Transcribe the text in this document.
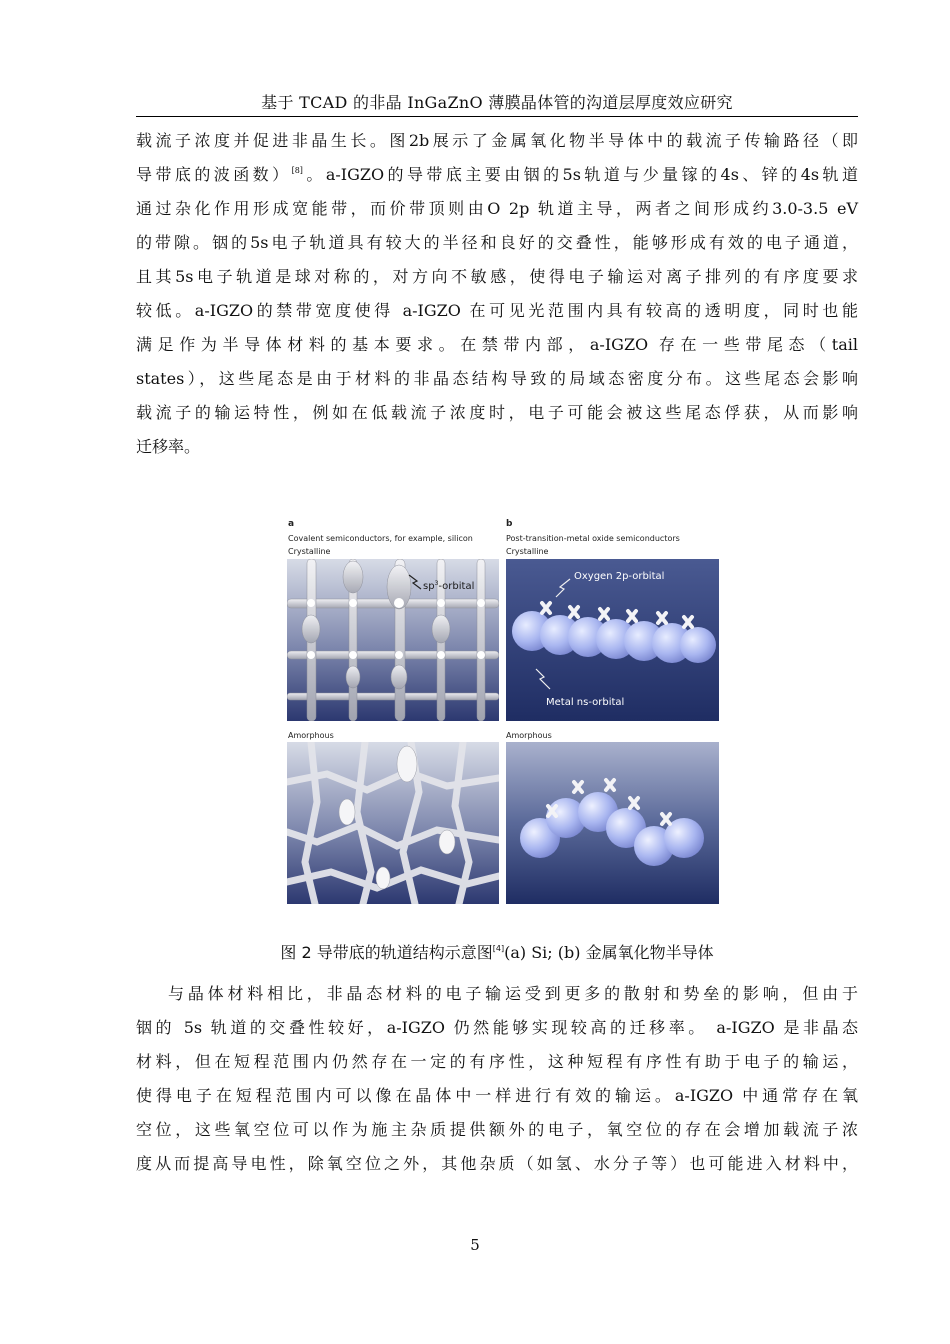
基于 TCAD 的非晶 InGaZnO 薄膜晶体管的沟道层厚度效应研究
载流子浓度并促进非晶生长。图2b展示了金属氧化物半导体中的载流子传输路径（即
导带底的波函数）[8]。a-IGZO的导带底主要由铟的5s轨道与少量镓的4s、锌的4s轨道
通过杂化作用形成宽能带，而价带顶则由O 2p 轨道主导，两者之间形成约3.0-3.5 eV
的带隙。铟的5s电子轨道具有较大的半径和良好的交叠性，能够形成有效的电子通道，
且其5s电子轨道是球对称的，对方向不敏感，使得电子输运对离子排列的有序度要求
较低。a-IGZO的禁带宽度使得 a-IGZO 在可见光范围内具有较高的透明度，同时也能
满足作为半导体材料的基本要求。在禁带内部，a-IGZO 存在一些带尾态（tail
states），这些尾态是由于材料的非晶态结构导致的局域态密度分布。这些尾态会影响
载流子的输运特性，例如在低载流子浓度时，电子可能会被这些尾态俘获，从而影响
迁移率。
a
Covalent semiconductors, for example, silicon
Crystalline
b
Post-transition-metal oxide semiconductors
Crystalline
$sp^3$-orbital
Oxygen 2p-orbital
Metal ns-orbital
Amorphous	Amorphous
图 2 导带底的轨道结构示意图[4](a) Si; (b) 金属氧化物半导体
与晶体材料相比，非晶态材料的电子输运受到更多的散射和势垒的影响，但由于
铟的 5s 轨道的交叠性较好，a-IGZO 仍然能够实现较高的迁移率。 a-IGZO 是非晶态
材料，但在短程范围内仍然存在一定的有序性，这种短程有序性有助于电子的输运，
使得电子在短程范围内可以像在晶体中一样进行有效的输运。a-IGZO 中通常存在氧
空位，这些氧空位可以作为施主杂质提供额外的电子，氧空位的存在会增加载流子浓
度从而提高导电性，除氧空位之外，其他杂质（如氢、水分子等）也可能进入材料中，
5
